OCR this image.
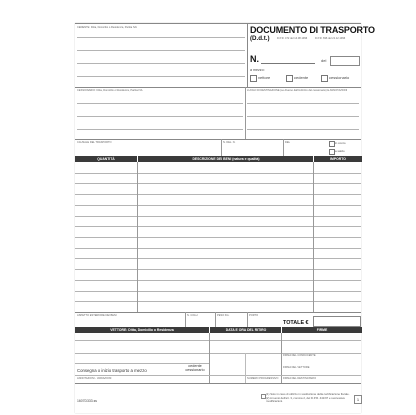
CEDENTE: Ditta, Domicilio o Residenza, Partita IVA	DOCUMENTO DI TRASPORTO
(D.d.t.)	D.P.R. 472 del 14.08.1996	D.P.R. 696 del 21.12.1996
N.	del
a mezzo:
vettore	cedente	cessionario
CESSIONARIO: Ditta, Domicilio o Residenza, Partita IVA	LUOGO DI DESTINAZIONE (se diverso dall'indirizzo del cessionario) E ANNOTAZIONI
CAUSALE DEL TRASPORTO	N. DEL. N.	DEL	in conto
a saldo
QUANTITÀ	DESCRIZIONE DEI BENI (natura e qualità)	IMPORTO
ASPETTO ESTERIORE DEI BENI	N. COLLI	PESO KG.	PORTO
TOTALE €
VETTORE: Ditta, Domicilio o Residenza	DATA E ORA DEL RITIRO	FIRME
FIRMA DEL CONDUCENTE
FIRMA DEL VETTORE
Consegna o inizio trasporto a mezzo
cedente cessionario
ANNOTAZIONI - VARIAZIONI	FIRMA DEL DESTINATARIO
NUMERO PROGRESSIVO
1607D333.ss
(1) Solo in caso di utilizzo in sostituzione della certificazione fiscale. (2) Ai sensi dell'art. 3, comma 2, del D.P.R. 441/97 e successive modificazioni.	1
